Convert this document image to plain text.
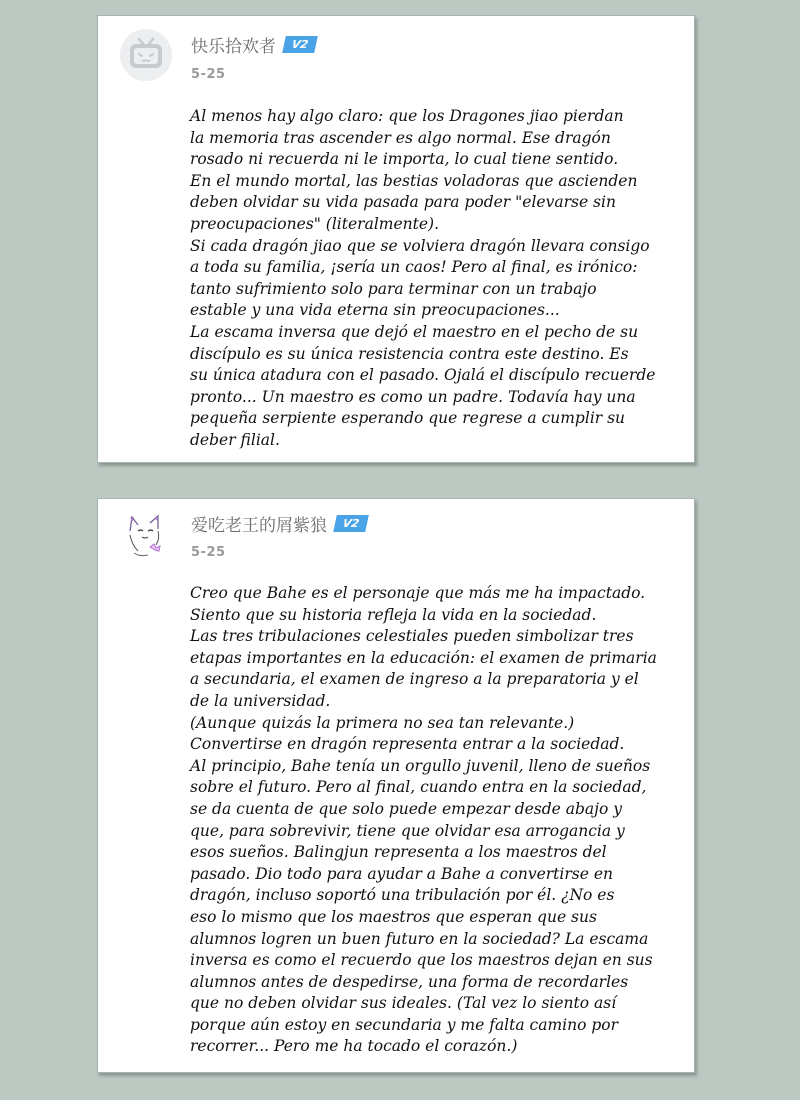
快乐拾欢者	V2
5-25
Al menos hay algo claro: que los Dragones jiao pierdan
la memoria tras ascender es algo normal. Ese dragón
rosado ni recuerda ni le importa, lo cual tiene sentido.
En el mundo mortal, las bestias voladoras que ascienden
deben olvidar su vida pasada para poder "elevarse sin
preocupaciones" (literalmente).
Si cada dragón jiao que se volviera dragón llevara consigo
a toda su familia, ¡sería un caos! Pero al final, es irónico:
tanto sufrimiento solo para terminar con un trabajo
estable y una vida eterna sin preocupaciones...
La escama inversa que dejó el maestro en el pecho de su
discípulo es su única resistencia contra este destino. Es
su única atadura con el pasado. Ojalá el discípulo recuerde
pronto... Un maestro es como un padre. Todavía hay una
pequeña serpiente esperando que regrese a cumplir su
deber filial.
爱吃老王的屑紫狼	V2
5-25
Creo que Bahe es el personaje que más me ha impactado.
Siento que su historia refleja la vida en la sociedad.
Las tres tribulaciones celestiales pueden simbolizar tres
etapas importantes en la educación: el examen de primaria
a secundaria, el examen de ingreso a la preparatoria y el
de la universidad.
(Aunque quizás la primera no sea tan relevante.)
Convertirse en dragón representa entrar a la sociedad.
Al principio, Bahe tenía un orgullo juvenil, lleno de sueños
sobre el futuro. Pero al final, cuando entra en la sociedad,
se da cuenta de que solo puede empezar desde abajo y
que, para sobrevivir, tiene que olvidar esa arrogancia y
esos sueños. Balingjun representa a los maestros del
pasado. Dio todo para ayudar a Bahe a convertirse en
dragón, incluso soportó una tribulación por él. ¿No es
eso lo mismo que los maestros que esperan que sus
alumnos logren un buen futuro en la sociedad? La escama
inversa es como el recuerdo que los maestros dejan en sus
alumnos antes de despedirse, una forma de recordarles
que no deben olvidar sus ideales. (Tal vez lo siento así
porque aún estoy en secundaria y me falta camino por
recorrer... Pero me ha tocado el corazón.)
